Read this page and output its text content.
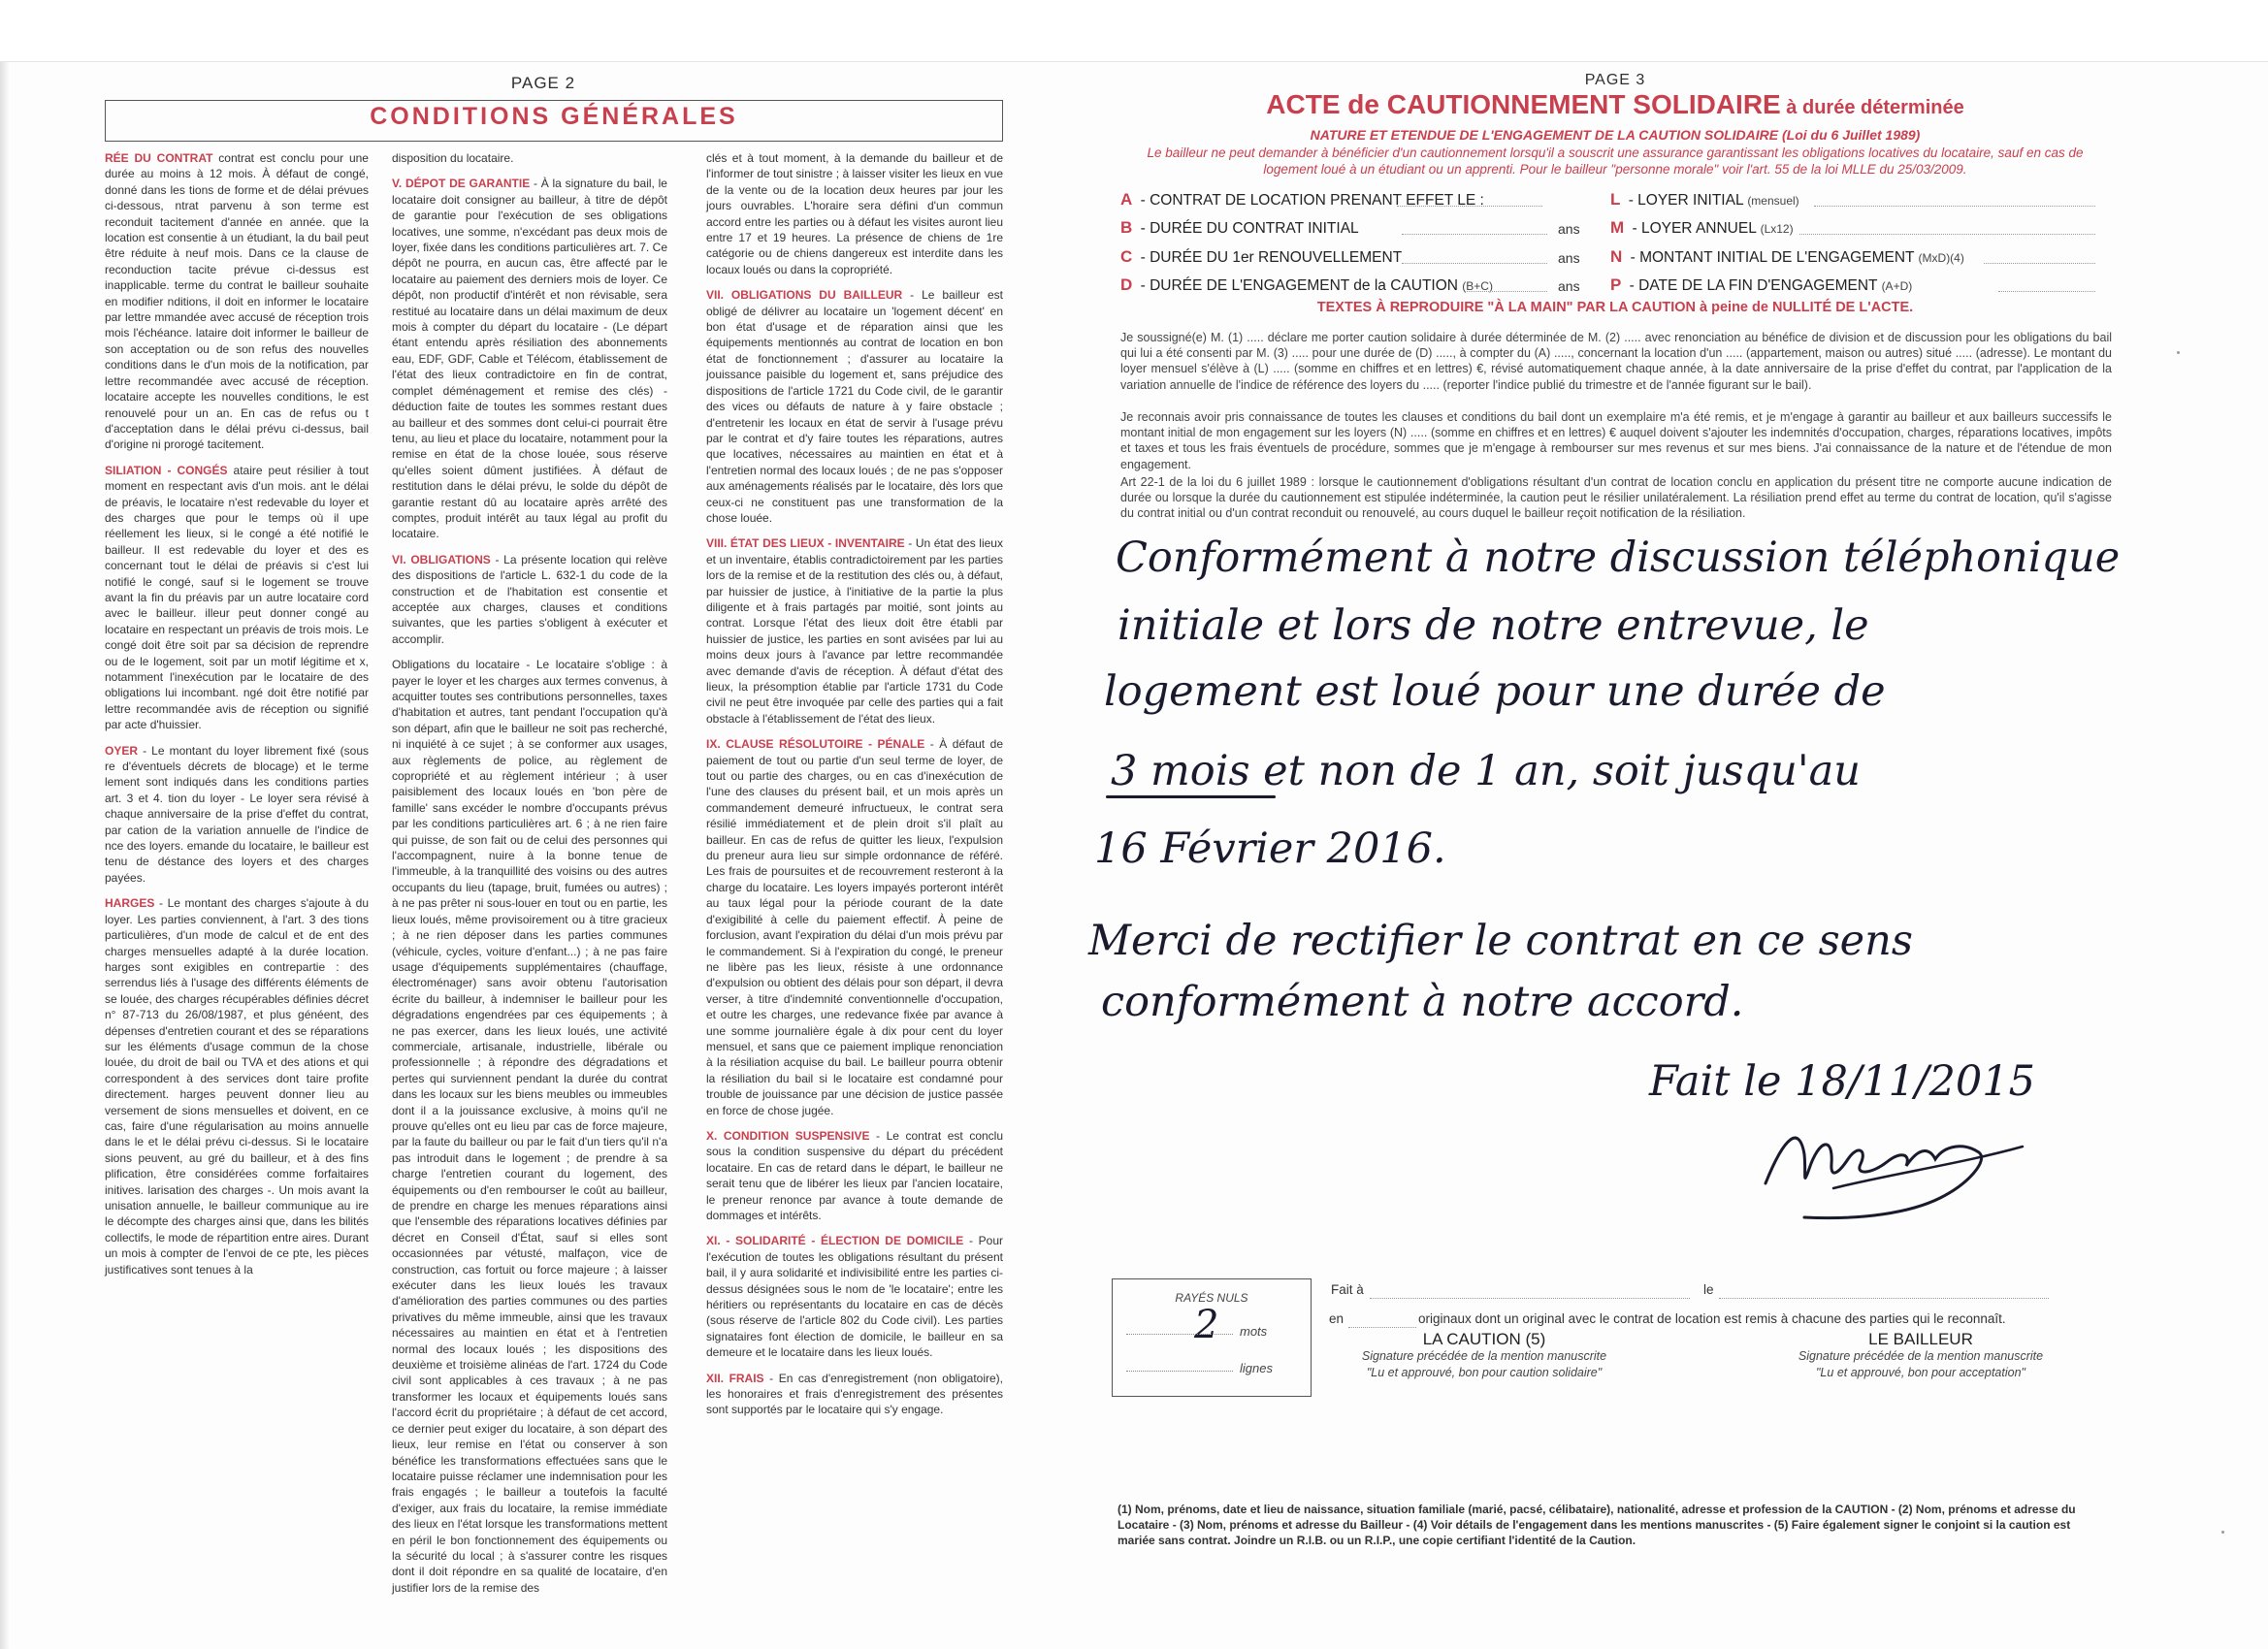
PAGE 2
CONDITIONS GÉNÉRALES
RÉE DU CONTRAT contrat est conclu pour une durée au moins à 12 mois. À défaut de congé, donné dans les tions de forme et de délai prévues ci-dessous, ntrat parvenu à son terme est reconduit tacitement d'année en année. que la location est consentie à un étudiant, la du bail peut être réduite à neuf mois. Dans ce la clause de reconduction tacite prévue ci-dessus est inapplicable. terme du contrat le bailleur souhaite en modifier nditions, il doit en informer le locataire par lettre mmandée avec accusé de réception trois mois l'échéance. lataire doit informer le bailleur de son acceptation ou de son refus des nouvelles conditions dans le d'un mois de la notification, par lettre recommandée avec accusé de réception. locataire accepte les nouvelles conditions, le est renouvelé pour un an. En cas de refus ou t d'acceptation dans le délai prévu ci-dessus, bail d'origine ni prorogé tacitement.
SILIATION - CONGÉS ataire peut résilier à tout moment en respectant avis d'un mois. ant le délai de préavis, le locataire n'est redevable du loyer et des charges que pour le temps où il upe réellement les lieux, si le congé a été notifié le bailleur. Il est redevable du loyer et des es concernant tout le délai de préavis si c'est lui notifié le congé, sauf si le logement se trouve avant la fin du préavis par un autre locataire cord avec le bailleur. illeur peut donner congé au locataire en respectant un préavis de trois mois. Le congé doit être soit par sa décision de reprendre ou de le logement, soit par un motif légitime et x, notamment l'inexécution par le locataire de des obligations lui incombant. ngé doit être notifié par lettre recommandée avis de réception ou signifié par acte d'huissier.
OYER - Le montant du loyer librement fixé (sous re d'éventuels décrets de blocage) et le terme lement sont indiqués dans les conditions parties art. 3 et 4. tion du loyer - Le loyer sera révisé à chaque anniversaire de la prise d'effet du contrat, par cation de la variation annuelle de l'indice de nce des loyers. emande du locataire, le bailleur est tenu de déstance des loyers et des charges payées.
HARGES - Le montant des charges s'ajoute à du loyer. Les parties conviennent, à l'art. 3 des tions particulières, d'un mode de calcul et de ent des charges mensuelles adapté à la durée location. harges sont exigibles en contrepartie : des serrendus liés à l'usage des différents éléments de se louée, des charges récupérables définies décret n° 87-713 du 26/08/1987, et plus généent, des dépenses d'entretien courant et des se réparations sur les éléments d'usage commun de la chose louée, du droit de bail ou TVA et des ations et qui correspondent à des services dont taire profite directement. harges peuvent donner lieu au versement de sions mensuelles et doivent, en ce cas, faire d'une régularisation au moins annuelle dans le et le délai prévu ci-dessus. Si le locataire sions peuvent, au gré du bailleur, et à des fins plification, être considérées comme forfaitaires initives. larisation des charges -. Un mois avant la unisation annuelle, le bailleur communique au ire le décompte des charges ainsi que, dans les bilités collectifs, le mode de répartition entre aires. Durant un mois à compter de l'envoi de ce pte, les pièces justificatives sont tenues à la
disposition du locataire.
V. DÉPOT DE GARANTIE - À la signature du bail, le locataire doit consigner au bailleur, à titre de dépôt de garantie pour l'exécution de ses obligations locatives, une somme, n'excédant pas deux mois de loyer, fixée dans les conditions particulières art. 7. Ce dépôt ne pourra, en aucun cas, être affecté par le locataire au paiement des derniers mois de loyer. Ce dépôt, non productif d'intérêt et non révisable, sera restitué au locataire dans un délai maximum de deux mois à compter du départ du locataire - (Le départ étant entendu après résiliation des abonnements eau, EDF, GDF, Cable et Télécom, établissement de l'état des lieux contradictoire en fin de contrat, complet déménagement et remise des clés) - déduction faite de toutes les sommes restant dues au bailleur et des sommes dont celui-ci pourrait être tenu, au lieu et place du locataire, notamment pour la remise en état de la chose louée, sous réserve qu'elles soient dûment justifiées. À défaut de restitution dans le délai prévu, le solde du dépôt de garantie restant dû au locataire après arrêté des comptes, produit intérêt au taux légal au profit du locataire.
VI. OBLIGATIONS - La présente location qui relève des dispositions de l'article L. 632-1 du code de la construction et de l'habitation est consentie et acceptée aux charges, clauses et conditions suivantes, que les parties s'obligent à exécuter et accomplir.
Obligations du locataire - Le locataire s'oblige : à payer le loyer et les charges aux termes convenus, à acquitter toutes ses contributions personnelles, taxes d'habitation et autres, tant pendant l'occupation qu'à son départ, afin que le bailleur ne soit pas recherché, ni inquiété à ce sujet ; à se conformer aux usages, aux règlements de police, au règlement de copropriété et au règlement intérieur ; à user paisiblement des locaux loués en 'bon père de famille' sans excéder le nombre d'occupants prévus par les conditions particulières art. 6 ; à ne rien faire qui puisse, de son fait ou de celui des personnes qui l'accompagnent, nuire à la bonne tenue de l'immeuble, à la tranquillité des voisins ou des autres occupants du lieu (tapage, bruit, fumées ou autres) ; à ne pas prêter ni sous-louer en tout ou en partie, les lieux loués, même provisoirement ou à titre gracieux ; à ne rien déposer dans les parties communes (véhicule, cycles, voiture d'enfant...) ; à ne pas faire usage d'équipements supplémentaires (chauffage, électroménager) sans avoir obtenu l'autorisation écrite du bailleur, à indemniser le bailleur pour les dégradations engendrées par ces équipements ; à ne pas exercer, dans les lieux loués, une activité commerciale, artisanale, industrielle, libérale ou professionnelle ; à répondre des dégradations et pertes qui surviennent pendant la durée du contrat dans les locaux sur les biens meubles ou immeubles dont il a la jouissance exclusive, à moins qu'il ne prouve qu'elles ont eu lieu par cas de force majeure, par la faute du bailleur ou par le fait d'un tiers qu'il n'a pas introduit dans le logement ; de prendre à sa charge l'entretien courant du logement, des équipements ou d'en rembourser le coût au bailleur, de prendre en charge les menues réparations ainsi que l'ensemble des réparations locatives définies par décret en Conseil d'État, sauf si elles sont occasionnées par vétusté, malfaçon, vice de construction, cas fortuit ou force majeure ; à laisser exécuter dans les lieux loués les travaux d'amélioration des parties communes ou des parties privatives du même immeuble, ainsi que les travaux nécessaires au maintien en état et à l'entretien normal des locaux loués ; les dispositions des deuxième et troisième alinéas de l'art. 1724 du Code civil sont applicables à ces travaux ; à ne pas transformer les locaux et équipements loués sans l'accord écrit du propriétaire ; à défaut de cet accord, ce dernier peut exiger du locataire, à son départ des lieux, leur remise en l'état ou conserver à son bénéfice les transformations effectuées sans que le locataire puisse réclamer une indemnisation pour les frais engagés ; le bailleur a toutefois la faculté d'exiger, aux frais du locataire, la remise immédiate des lieux en l'état lorsque les transformations mettent en péril le bon fonctionnement des équipements ou la sécurité du local ; à s'assurer contre les risques dont il doit répondre en sa qualité de locataire, d'en justifier lors de la remise des
clés et à tout moment, à la demande du bailleur et de l'informer de tout sinistre ; à laisser visiter les lieux en vue de la vente ou de la location deux heures par jour les jours ouvrables. L'horaire sera défini d'un commun accord entre les parties ou à défaut les visites auront lieu entre 17 et 19 heures. La présence de chiens de 1re catégorie ou de chiens dangereux est interdite dans les locaux loués ou dans la copropriété.
VII. OBLIGATIONS DU BAILLEUR - Le bailleur est obligé de délivrer au locataire un 'logement décent' en bon état d'usage et de réparation ainsi que les équipements mentionnés au contrat de location en bon état de fonctionnement ; d'assurer au locataire la jouissance paisible du logement et, sans préjudice des dispositions de l'article 1721 du Code civil, de le garantir des vices ou défauts de nature à y faire obstacle ; d'entretenir les locaux en état de servir à l'usage prévu par le contrat et d'y faire toutes les réparations, autres que locatives, nécessaires au maintien en état et à l'entretien normal des locaux loués ; de ne pas s'opposer aux aménagements réalisés par le locataire, dès lors que ceux-ci ne constituent pas une transformation de la chose louée.
VIII. ÉTAT DES LIEUX - INVENTAIRE - Un état des lieux et un inventaire, établis contradictoirement par les parties lors de la remise et de la restitution des clés ou, à défaut, par huissier de justice, à l'initiative de la partie la plus diligente et à frais partagés par moitié, sont joints au contrat. Lorsque l'état des lieux doit être établi par huissier de justice, les parties en sont avisées par lui au moins deux jours à l'avance par lettre recommandée avec demande d'avis de réception. À défaut d'état des lieux, la présomption établie par l'article 1731 du Code civil ne peut être invoquée par celle des parties qui a fait obstacle à l'établissement de l'état des lieux.
IX. CLAUSE RÉSOLUTOIRE - PÉNALE - À défaut de paiement de tout ou partie d'un seul terme de loyer, de tout ou partie des charges, ou en cas d'inexécution de l'une des clauses du présent bail, et un mois après un commandement demeuré infructueux, le contrat sera résilié immédiatement et de plein droit s'il plaît au bailleur. En cas de refus de quitter les lieux, l'expulsion du preneur aura lieu sur simple ordonnance de référé. Les frais de poursuites et de recouvrement resteront à la charge du locataire. Les loyers impayés porteront intérêt au taux légal pour la période courant de la date d'exigibilité à celle du paiement effectif. À peine de forclusion, avant l'expiration du délai d'un mois prévu par le commandement. Si à l'expiration du congé, le preneur ne libère pas les lieux, résiste à une ordonnance d'expulsion ou obtient des délais pour son départ, il devra verser, à titre d'indemnité conventionnelle d'occupation, et outre les charges, une redevance fixée par avance à une somme journalière égale à dix pour cent du loyer mensuel, et sans que ce paiement implique renonciation à la résiliation acquise du bail. Le bailleur pourra obtenir la résiliation du bail si le locataire est condamné pour trouble de jouissance par une décision de justice passée en force de chose jugée.
X. CONDITION SUSPENSIVE - Le contrat est conclu sous la condition suspensive du départ du précédent locataire. En cas de retard dans le départ, le bailleur ne serait tenu que de libérer les lieux par l'ancien locataire, le preneur renonce par avance à toute demande de dommages et intérêts.
XI. - SOLIDARITÉ - ÉLECTION DE DOMICILE - Pour l'exécution de toutes les obligations résultant du présent bail, il y aura solidarité et indivisibilité entre les parties ci-dessus désignées sous le nom de 'le locataire'; entre les héritiers ou représentants du locataire en cas de décès (sous réserve de l'article 802 du Code civil). Les parties signataires font élection de domicile, le bailleur en sa demeure et le locataire dans les lieux loués.
XII. FRAIS - En cas d'enregistrement (non obligatoire), les honoraires et frais d'enregistrement des présentes sont supportés par le locataire qui s'y engage.
PAGE 3
ACTE de CAUTIONNEMENT SOLIDAIRE à durée déterminée
NATURE ET ETENDUE DE L'ENGAGEMENT DE LA CAUTION SOLIDAIRE (Loi du 6 Juillet 1989)
Le bailleur ne peut demander à bénéficier d'un cautionnement lorsqu'il a souscrit une assurance garantissant les obligations locatives du locataire, sauf en cas de logement loué à un étudiant ou un apprenti. Pour le bailleur "personne morale" voir l'art. 55 de la loi MLLE du 25/03/2009.
A - CONTRAT DE LOCATION PRENANT EFFET LE :
B - DURÉE DU CONTRAT INITIAL	ans
C - DURÉE DU 1er RENOUVELLEMENT	ans
D - DURÉE DE L'ENGAGEMENT de la CAUTION (B+C)	ans
L - LOYER INITIAL (mensuel)
M - LOYER ANNUEL (Lx12)
N - MONTANT INITIAL DE L'ENGAGEMENT (MxD)(4)
P - DATE DE LA FIN D'ENGAGEMENT (A+D)
TEXTES À REPRODUIRE "À LA MAIN" PAR LA CAUTION à peine de NULLITÉ DE L'ACTE.
Je soussigné(e) M. (1) ..... déclare me porter caution solidaire à durée déterminée de M. (2) ..... avec renonciation au bénéfice de division et de discussion pour les obligations du bail qui lui a été consenti par M. (3) ..... pour une durée de (D) ....., à compter du (A) ....., concernant la location d'un ..... (appartement, maison ou autres) situé ..... (adresse). Le montant du loyer mensuel s'élève à (L) ..... (somme en chiffres et en lettres) €, révisé automatiquement chaque année, à la date anniversaire de la prise d'effet du contrat, par l'application de la variation annuelle de l'indice de référence des loyers du ..... (reporter l'indice publié du trimestre et de l'année figurant sur le bail).
Je reconnais avoir pris connaissance de toutes les clauses et conditions du bail dont un exemplaire m'a été remis, et je m'engage à garantir au bailleur et aux bailleurs successifs le montant initial de mon engagement sur les loyers (N) ..... (somme en chiffres et en lettres) € auquel doivent s'ajouter les indemnités d'occupation, charges, réparations locatives, impôts et taxes et tous les frais éventuels de procédure, sommes que je m'engage à rembourser sur mes revenus et sur mes biens. J'ai connaissance de la nature et de l'étendue de mon engagement.
Art 22-1 de la loi du 6 juillet 1989 : lorsque le cautionnement d'obligations résultant d'un contrat de location conclu en application du présent titre ne comporte aucune indication de durée ou lorsque la durée du cautionnement est stipulée indéterminée, la caution peut le résilier unilatéralement. La résiliation prend effet au terme du contrat de location, qu'il s'agisse du contrat initial ou d'un contrat reconduit ou renouvelé, au cours duquel le bailleur reçoit notification de la résiliation.
Conformément à notre discussion téléphonique
initiale et lors de notre entrevue, le
logement est loué pour une durée de
3 mois et non de 1 an, soit jusqu'au
16 Février 2016.
Merci de rectifier le contrat en ce sens
conformément à notre accord.
Fait le 18/11/2015
RAYÉS NULS
2 mots
lignes
Fait à	le
en	originaux dont un original avec le contrat de location est remis à chacune des parties qui le reconnaît.
LA CAUTION (5)
Signature précédée de la mention manuscrite
"Lu et approuvé, bon pour caution solidaire"
LE BAILLEUR
Signature précédée de la mention manuscrite
"Lu et approuvé, bon pour acceptation"
(1) Nom, prénoms, date et lieu de naissance, situation familiale (marié, pacsé, célibataire), nationalité, adresse et profession de la CAUTION - (2) Nom, prénoms et adresse du Locataire - (3) Nom, prénoms et adresse du Bailleur - (4) Voir détails de l'engagement dans les mentions manuscrites - (5) Faire également signer le conjoint si la caution est mariée sans contrat. Joindre un R.I.B. ou un R.I.P., une copie certifiant l'identité de la Caution.
